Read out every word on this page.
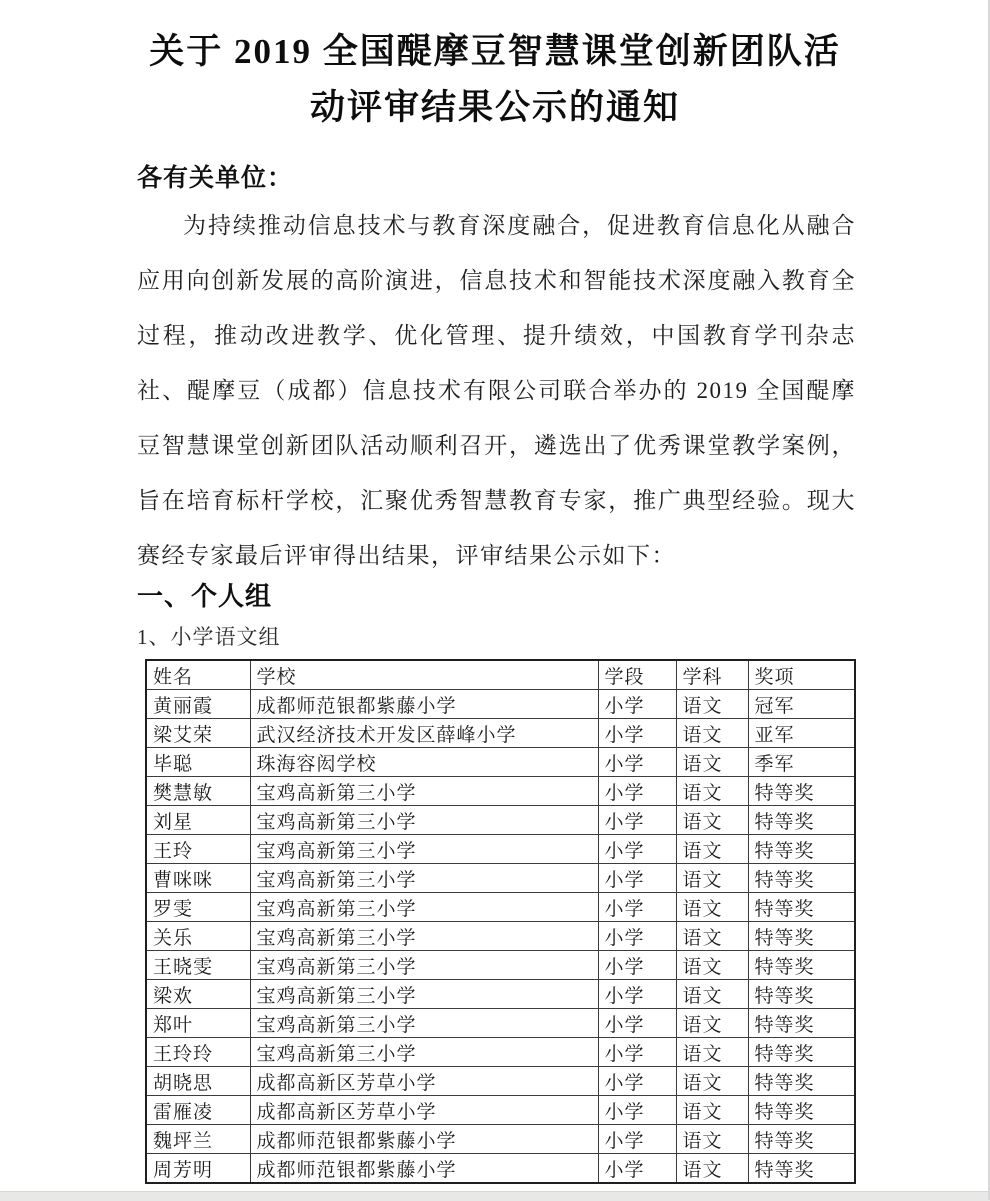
关于 2019 全国醍摩豆智慧课堂创新团队活
动评审结果公示的通知
各有关单位：

为持续推动信息技术与教育深度融合，促进教育信息化从融合应用向创新发展的高阶演进，信息技术和智能技术深度融入教育全过程，推动改进教学、优化管理、提升绩效，中国教育学刊杂志社、醍摩豆（成都）信息技术有限公司联合举办的 2019 全国醍摩豆智慧课堂创新团队活动顺利召开，遴选出了优秀课堂教学案例，旨在培育标杆学校，汇聚优秀智慧教育专家，推广典型经验。现大赛经专家最后评审得出结果，评审结果公示如下：

一、个人组
1、小学语文组
姓名	学校	学段	学科	奖项
黄丽霞	成都师范银都紫藤小学	小学	语文	冠军
梁艾荣	武汉经济技术开发区薛峰小学	小学	语文	亚军
毕聪	珠海容闳学校	小学	语文	季军
樊慧敏	宝鸡高新第三小学	小学	语文	特等奖
刘星	宝鸡高新第三小学	小学	语文	特等奖
王玲	宝鸡高新第三小学	小学	语文	特等奖
曹咪咪	宝鸡高新第三小学	小学	语文	特等奖
罗雯	宝鸡高新第三小学	小学	语文	特等奖
关乐	宝鸡高新第三小学	小学	语文	特等奖
王晓雯	宝鸡高新第三小学	小学	语文	特等奖
梁欢	宝鸡高新第三小学	小学	语文	特等奖
郑叶	宝鸡高新第三小学	小学	语文	特等奖
王玲玲	宝鸡高新第三小学	小学	语文	特等奖
胡晓思	成都高新区芳草小学	小学	语文	特等奖
雷雁凌	成都高新区芳草小学	小学	语文	特等奖
魏坪兰	成都师范银都紫藤小学	小学	语文	特等奖
周芳明	成都师范银都紫藤小学	小学	语文	特等奖
